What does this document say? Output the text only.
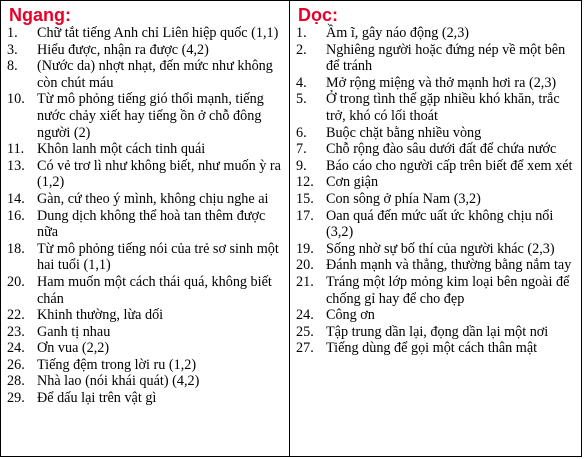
Ngang:
1.	Chữ tắt tiếng Anh chỉ Liên hiệp quốc (1,1)
3.	Hiểu được, nhận ra được (4,2)
8.	(Nước da) nhợt nhạt, đến mức như không còn chút máu
10. Từ mô phỏng tiếng gió thổi mạnh, tiếng nước chảy xiết hay tiếng ồn ở chỗ đông người (2)
11. Khôn lanh một cách tinh quái
13. Có vẻ trơ lì như không biết, như muốn ỳ ra (1,2)
14. Gàn, cứ theo ý mình, không chịu nghe ai
16. Dung dịch không thể hoà tan thêm được nữa
18. Từ mô phỏng tiếng nói của trẻ sơ sinh một hai tuổi (1,1)
20. Ham muốn một cách thái quá, không biết chán
22. Khinh thường, lừa dối
23. Ganh tị nhau
24. Ơn vua (2,2)
26. Tiếng đệm trong lời ru (1,2)
28. Nhà lao (nói khái quát) (4,2)
29. Để dấu lại trên vật gì
Dọc:
1.	Ầm ĩ, gây náo động (2,3)
2.	Nghiêng người hoặc đứng nép về một bên để tránh
4.	Mở rộng miệng và thở mạnh hơi ra (2,3)
5.	Ở trong tình thế gặp nhiều khó khăn, trắc trở, khó có lối thoát
6.	Buộc chặt bằng nhiều vòng
7.	Chỗ rộng đào sâu dưới đất để chứa nước
9.	Báo cáo cho người cấp trên biết để xem xét
12. Cơn giận
15. Con sông ở phía Nam (3,2)
17. Oan quá đến mức uất ức không chịu nổi (3,2)
19. Sống nhờ sự bố thí của người khác (2,3)
20. Đánh mạnh và thẳng, thường bằng nắm tay
21. Tráng một lớp mỏng kim loại bên ngoài để chống gỉ hay để cho đẹp
24. Công ơn
25. Tập trung dần lại, đọng dần lại một nơi
27. Tiếng dùng để gọi một cách thân mật
